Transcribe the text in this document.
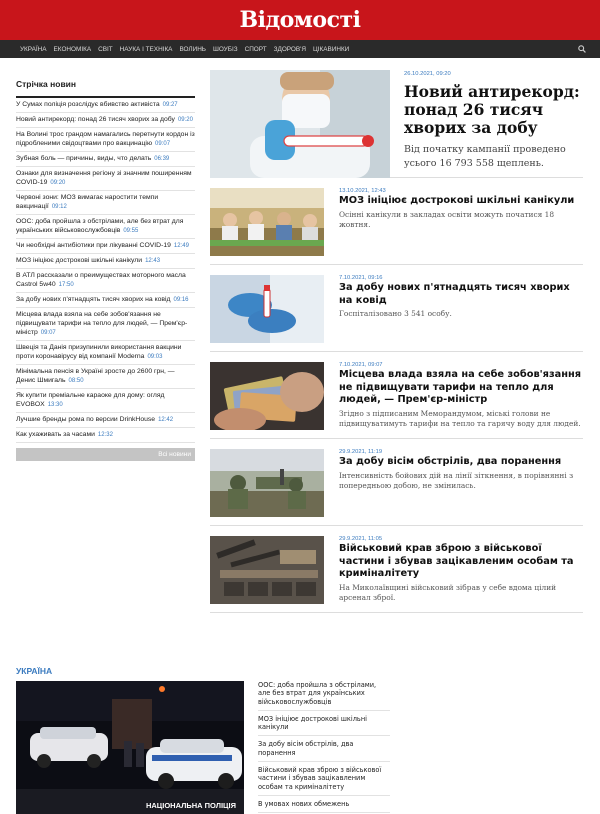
Відомості
УКРАЇНА ЕКОНОМІКА СВІТ НАУКА І ТЕХНІКА ВОЛИНЬ ШОУБІЗ СПОРТ ЗДОРОВ'Я ЦІКАВИНКИ
Стрічка новин
У Сумах поліція розслідує вбивство активіста 09:27
Новий антирекорд: понад 26 тисяч хворих за добу 09:20
На Волині трос грандом намагались перетнути кордон із підробленими свідоцтвами про вакцинацію 09:07
Зубная боль — причины, виды, что делать 06:39
Ознаки для визначення регіону зі значним поширенням COVID-19 09:20
Червоні зони: МОЗ вимагає наростити темпи вакцинації 09:12
ООС: доба пройшла з обстрілами, але без втрат для українських військовослужбовців 09:55
Чи необхідні антибіотики при лікуванні COVID-19 12:49
МОЗ ініціює дострокові шкільні канікули 12:43
В АТЛ рассказали о преимуществах моторного масла Castrol 5w40 17:50
За добу нових п'ятнадцять тисяч хворих на ковід 09:16
Місцева влада взяла на себе зобов'язання не підвищувати тарифи на тепло для людей, — Прем'єр-міністр 09:07
Швеція та Данія призупинили використання вакцини проти коронавірусу від компанії Moderna 09:03
Мінімальна пенсія в Україні зросте до 2600 грн, — Денис Шмигаль 08:50
Як купити преміальне караоке для дому: огляд EVOBOX 13:30
Лучшие бренды рома по версии DrinkHouse 12:42
Как ухаживать за часами 12:32
Всі новини
26.10.2021, 09:20
Новий антирекорд: понад 26 тисяч хворих за добу
Від початку кампанії проведено усього 16 793 558 щеплень.
13.10.2021, 12:43
МОЗ ініціює дострокові шкільні канікули
Осінні канікули в закладах освіти можуть початися 18 жовтня.
7.10.2021, 09:16
За добу нових п'ятнадцять тисяч хворих на ковід
Госпіталізовано 3 541 особу.
7.10.2021, 09:07
Місцева влада взяла на себе зобов'язання не підвищувати тарифи на тепло для людей, — Прем'єр-міністр
Згідно з підписаним Меморандумом, міські голови не підвищуватимуть тарифи на тепло та гарячу воду для людей.
29.9.2021, 11:19
За добу вісім обстрілів, два поранення
Інтенсивність бойових дій на лінії зіткнення, в порівнянні з попередньою добою, не змінилась.
29.9.2021, 11:05
Військовий крав зброю з військової частини і збував зацікавленим особам та криміналітету
На Миколаївщині військовий зібрав у себе вдома цілий арсенал зброї.
УКРАЇНА
НАЦІОНАЛЬНА ПОЛІЦІЯ
ООС: доба пройшла з обстрілами, але без втрат для українських військовослужбовців
МОЗ ініціює дострокові шкільні канікули
За добу вісім обстрілів, два поранення
Військовий крав зброю з військової частини і збував зацікавленим особам та криміналітету
В умовах нових обмежень
